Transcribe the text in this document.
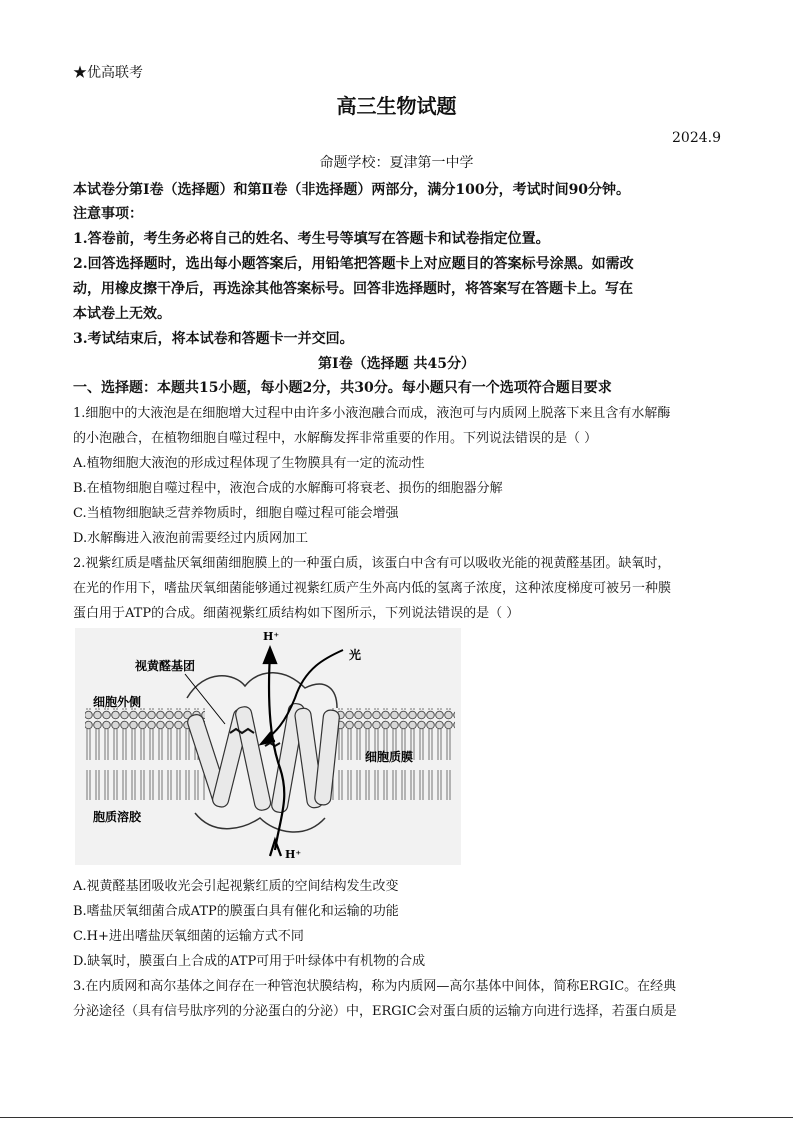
★优高联考
高三生物试题
2024.9
命题学校：夏津第一中学
本试卷分第Ⅰ卷（选择题）和第Ⅱ卷（非选择题）两部分，满分100分，考试时间90分钟。
注意事项：
1.答卷前，考生务必将自己的姓名、考生号等填写在答题卡和试卷指定位置。
2.回答选择题时，选出每小题答案后，用铅笔把答题卡上对应题目的答案标号涂黑。如需改
动，用橡皮擦干净后，再选涂其他答案标号。回答非选择题时，将答案写在答题卡上。写在
本试卷上无效。
3.考试结束后，将本试卷和答题卡一并交回。
第Ⅰ卷（选择题 共45分）
一、选择题：本题共15小题，每小题2分，共30分。每小题只有一个选项符合题目要求
1.细胞中的大液泡是在细胞增大过程中由许多小液泡融合而成，液泡可与内质网上脱落下来且含有水解酶
的小泡融合，在植物细胞自噬过程中，水解酶发挥非常重要的作用。下列说法错误的是（ ）
A.植物细胞大液泡的形成过程体现了生物膜具有一定的流动性
B.在植物细胞自噬过程中，液泡合成的水解酶可将衰老、损伤的细胞器分解
C.当植物细胞缺乏营养物质时，细胞自噬过程可能会增强
D.水解酶进入液泡前需要经过内质网加工
2.视紫红质是嗜盐厌氧细菌细胞膜上的一种蛋白质，该蛋白中含有可以吸收光能的视黄醛基团。缺氧时，
在光的作用下，嗜盐厌氧细菌能够通过视紫红质产生外高内低的氢离子浓度，这种浓度梯度可被另一种膜
蛋白用于ATP的合成。细菌视紫红质结构如下图所示，下列说法错误的是（ ）
H⁺
光
视黄醛基团
细胞外侧
细胞质膜
胞质溶胶
H⁺
A.视黄醛基团吸收光会引起视紫红质的空间结构发生改变
B.嗜盐厌氧细菌合成ATP的膜蛋白具有催化和运输的功能
C.H+进出嗜盐厌氧细菌的运输方式不同
D.缺氧时，膜蛋白上合成的ATP可用于叶绿体中有机物的合成
3.在内质网和高尔基体之间存在一种管泡状膜结构，称为内质网—高尔基体中间体，简称ERGIC。在经典
分泌途径（具有信号肽序列的分泌蛋白的分泌）中，ERGIC会对蛋白质的运输方向进行选择，若蛋白质是
